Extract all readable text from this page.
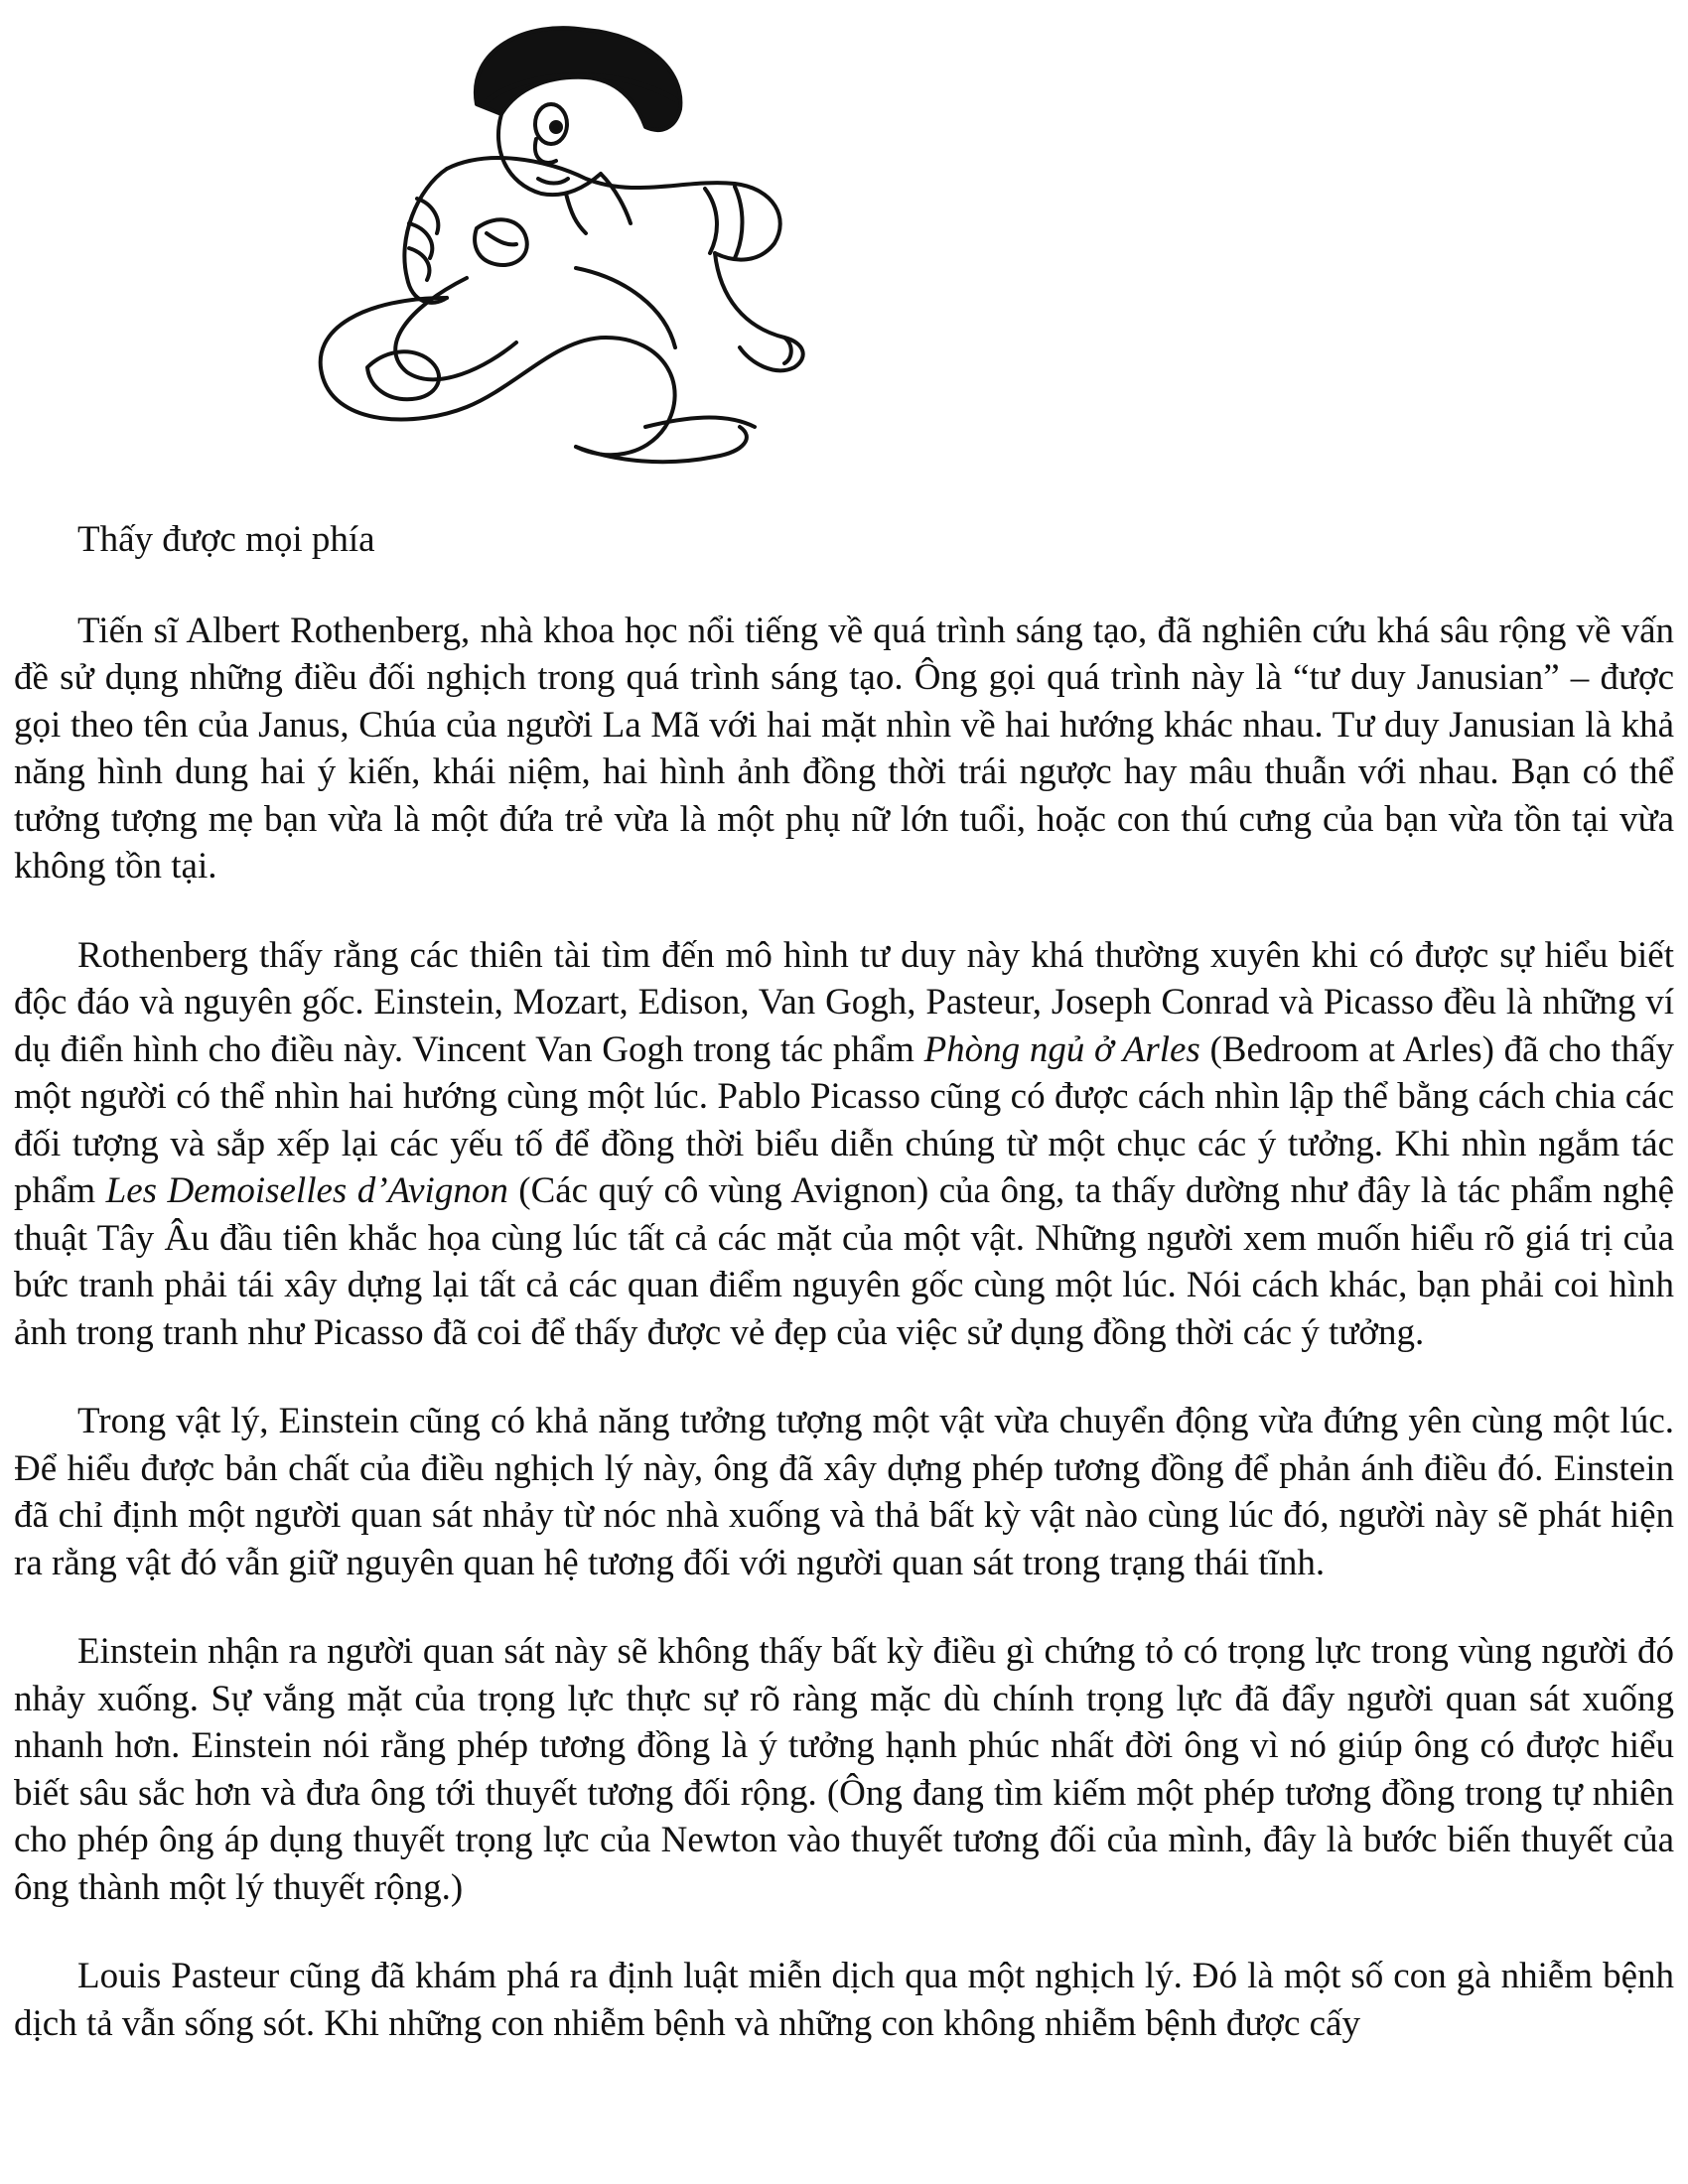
Thấy được mọi phía

Tiến sĩ Albert Rothenberg, nhà khoa học nổi tiếng về quá trình sáng tạo, đã nghiên cứu khá sâu rộng về vấn đề sử dụng những điều đối nghịch trong quá trình sáng tạo. Ông gọi quá trình này là “tư duy Janusian” – được gọi theo tên của Janus, Chúa của người La Mã với hai mặt nhìn về hai hướng khác nhau. Tư duy Janusian là khả năng hình dung hai ý kiến, khái niệm, hai hình ảnh đồng thời trái ngược hay mâu thuẫn với nhau. Bạn có thể tưởng tượng mẹ bạn vừa là một đứa trẻ vừa là một phụ nữ lớn tuổi, hoặc con thú cưng của bạn vừa tồn tại vừa không tồn tại.

Rothenberg thấy rằng các thiên tài tìm đến mô hình tư duy này khá thường xuyên khi có được sự hiểu biết độc đáo và nguyên gốc. Einstein, Mozart, Edison, Van Gogh, Pasteur, Joseph Conrad và Picasso đều là những ví dụ điển hình cho điều này. Vincent Van Gogh trong tác phẩm Phòng ngủ ở Arles (Bedroom at Arles) đã cho thấy một người có thể nhìn hai hướng cùng một lúc. Pablo Picasso cũng có được cách nhìn lập thể bằng cách chia các đối tượng và sắp xếp lại các yếu tố để đồng thời biểu diễn chúng từ một chục các ý tưởng. Khi nhìn ngắm tác phẩm Les Demoiselles d’Avignon (Các quý cô vùng Avignon) của ông, ta thấy dường như đây là tác phẩm nghệ thuật Tây Âu đầu tiên khắc họa cùng lúc tất cả các mặt của một vật. Những người xem muốn hiểu rõ giá trị của bức tranh phải tái xây dựng lại tất cả các quan điểm nguyên gốc cùng một lúc. Nói cách khác, bạn phải coi hình ảnh trong tranh như Picasso đã coi để thấy được vẻ đẹp của việc sử dụng đồng thời các ý tưởng.

Trong vật lý, Einstein cũng có khả năng tưởng tượng một vật vừa chuyển động vừa đứng yên cùng một lúc. Để hiểu được bản chất của điều nghịch lý này, ông đã xây dựng phép tương đồng để phản ánh điều đó. Einstein đã chỉ định một người quan sát nhảy từ nóc nhà xuống và thả bất kỳ vật nào cùng lúc đó, người này sẽ phát hiện ra rằng vật đó vẫn giữ nguyên quan hệ tương đối với người quan sát trong trạng thái tĩnh.

Einstein nhận ra người quan sát này sẽ không thấy bất kỳ điều gì chứng tỏ có trọng lực trong vùng người đó nhảy xuống. Sự vắng mặt của trọng lực thực sự rõ ràng mặc dù chính trọng lực đã đẩy người quan sát xuống nhanh hơn. Einstein nói rằng phép tương đồng là ý tưởng hạnh phúc nhất đời ông vì nó giúp ông có được hiểu biết sâu sắc hơn và đưa ông tới thuyết tương đối rộng. (Ông đang tìm kiếm một phép tương đồng trong tự nhiên cho phép ông áp dụng thuyết trọng lực của Newton vào thuyết tương đối của mình, đây là bước biến thuyết của ông thành một lý thuyết rộng.)

Louis Pasteur cũng đã khám phá ra định luật miễn dịch qua một nghịch lý. Đó là một số con gà nhiễm bệnh dịch tả vẫn sống sót. Khi những con nhiễm bệnh và những con không nhiễm bệnh được cấy
